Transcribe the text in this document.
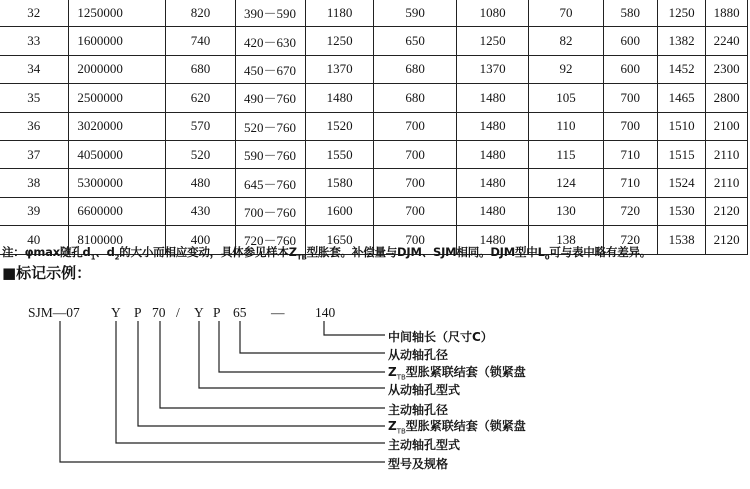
32	1250000	820	390－590	1180	590	1080	70	580	1250	1880
33	1600000	740	420－630	1250	650	1250	82	600	1382	2240
34	2000000	680	450－670	1370	680	1370	92	600	1452	2300
35	2500000	620	490－760	1480	680	1480	105	700	1465	2800
36	3020000	570	520－760	1520	700	1480	110	700	1510	2100
37	4050000	520	590－760	1550	700	1480	115	710	1515	2110
38	5300000	480	645－760	1580	700	1480	124	710	1524	2110
39	6600000	430	700－760	1600	700	1480	130	720	1530	2120
40	8100000	400	720－760	1650	700	1480	138	720	1538	2120
注：φmax随孔$d_1$、$d_2$的大小而相应变动，具体参见样本$Z_{TB}$型胀套。补偿量与DJM、SJM相同。DJM型中$L_0$可与表中略有差异。
■标记示例：
SJM—07 Y P 70 / Y P 65 — 140
中间轴长（尺寸C）
从动轴孔径
$Z_{TB}$型胀紧联结套（锁紧盘
从动轴孔型式
主动轴孔径
$Z_{TB}$型胀紧联结套（锁紧盘
主动轴孔型式
型号及规格
